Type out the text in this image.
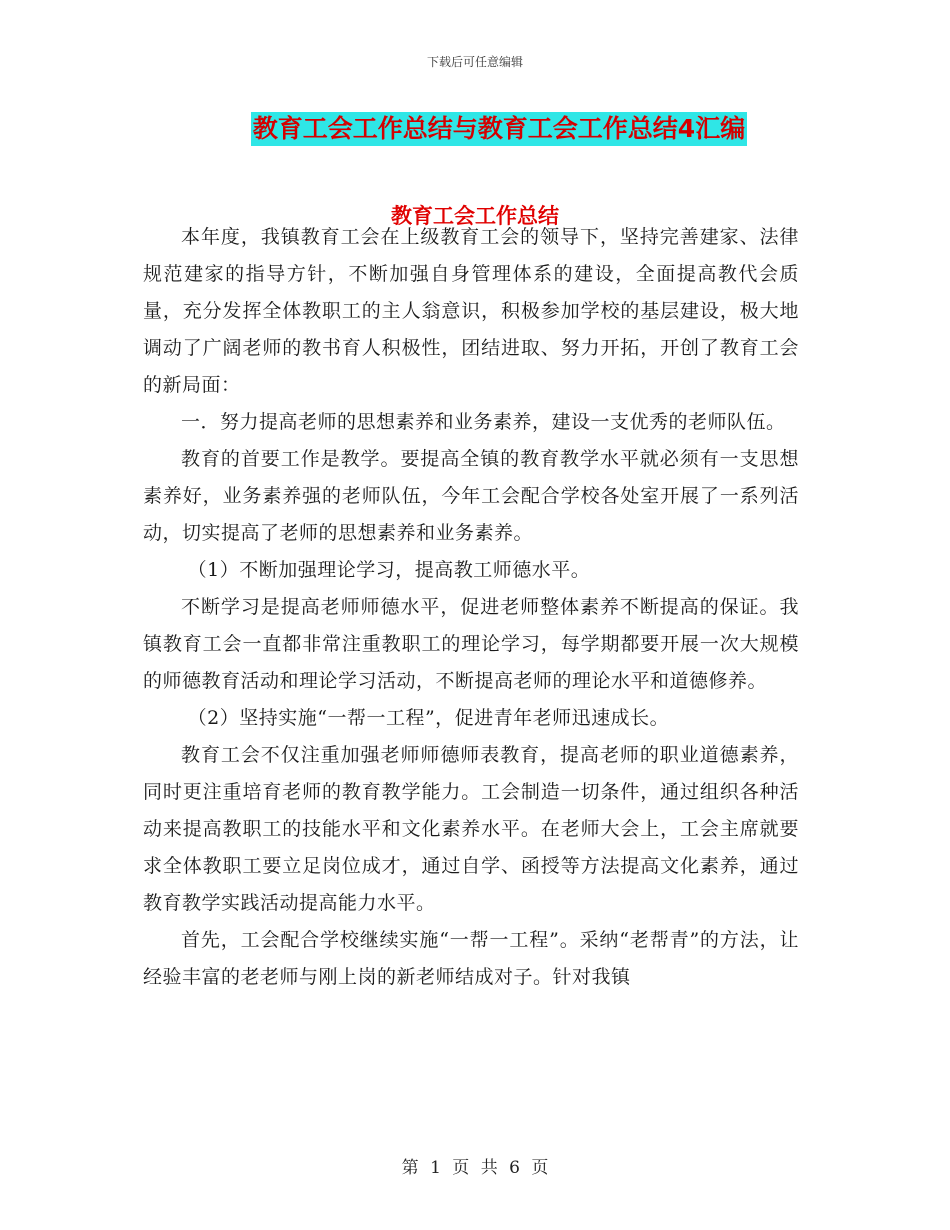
下载后可任意编辑
教育工会工作总结与教育工会工作总结4汇编
教育工会工作总结

本年度，我镇教育工会在上级教育工会的领导下，坚持完善建家、法律规范建家的指导方针，不断加强自身管理体系的建设，全面提高教代会质量，充分发挥全体教职工的主人翁意识，积极参加学校的基层建设，极大地调动了广阔老师的教书育人积极性，团结进取、努力开拓，开创了教育工会的新局面：

一．努力提高老师的思想素养和业务素养，建设一支优秀的老师队伍。

教育的首要工作是教学。要提高全镇的教育教学水平就必须有一支思想素养好，业务素养强的老师队伍，今年工会配合学校各处室开展了一系列活动，切实提高了老师的思想素养和业务素养。

（1）不断加强理论学习，提高教工师德水平。

不断学习是提高老师师德水平，促进老师整体素养不断提高的保证。我镇教育工会一直都非常注重教职工的理论学习，每学期都要开展一次大规模的师德教育活动和理论学习活动，不断提高老师的理论水平和道德修养。

（2）坚持实施“一帮一工程”，促进青年老师迅速成长。

教育工会不仅注重加强老师师德师表教育，提高老师的职业道德素养，同时更注重培育老师的教育教学能力。工会制造一切条件，通过组织各种活动来提高教职工的技能水平和文化素养水平。在老师大会上，工会主席就要求全体教职工要立足岗位成才，通过自学、函授等方法提高文化素养，通过教育教学实践活动提高能力水平。

首先，工会配合学校继续实施“一帮一工程”。采纳“老帮青”的方法，让经验丰富的老老师与刚上岗的新老师结成对子。针对我镇

第 1 页 共 6 页
